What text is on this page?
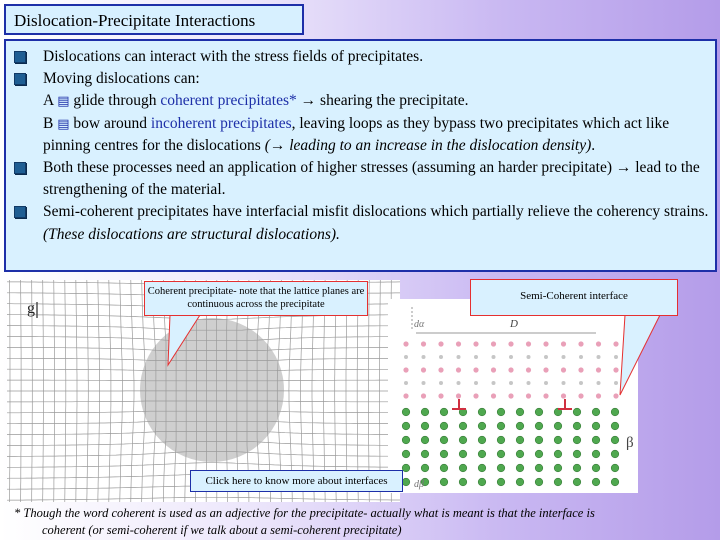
Dislocation-Precipitate Interactions
Dislocations can interact with the stress fields of precipitates.
Moving dislocations can:
A ▤ glide through coherent precipitates* → shearing the precipitate.
B ▤ bow around incoherent precipitates, leaving loops as they bypass two precipitates which act like pinning centres for the dislocations (→ leading to an increase in the dislocation density).
Both these processes need an application of higher stresses (assuming an harder precipitate) → lead to the strengthening of the material.
Semi-coherent precipitates have interfacial misfit dislocations which partially relieve the coherency strains. (These dislocations are structural dislocations).
g
dα	D
β
dβ
Coherent precipitate- note that the lattice planes are continuous across the precipitate
Semi-Coherent interface
Click here to know more about interfaces
* Though the word coherent is used as an adjective for the precipitate- actually what is meant is that the interface is
coherent (or semi-coherent if we talk about a semi-coherent precipitate)
